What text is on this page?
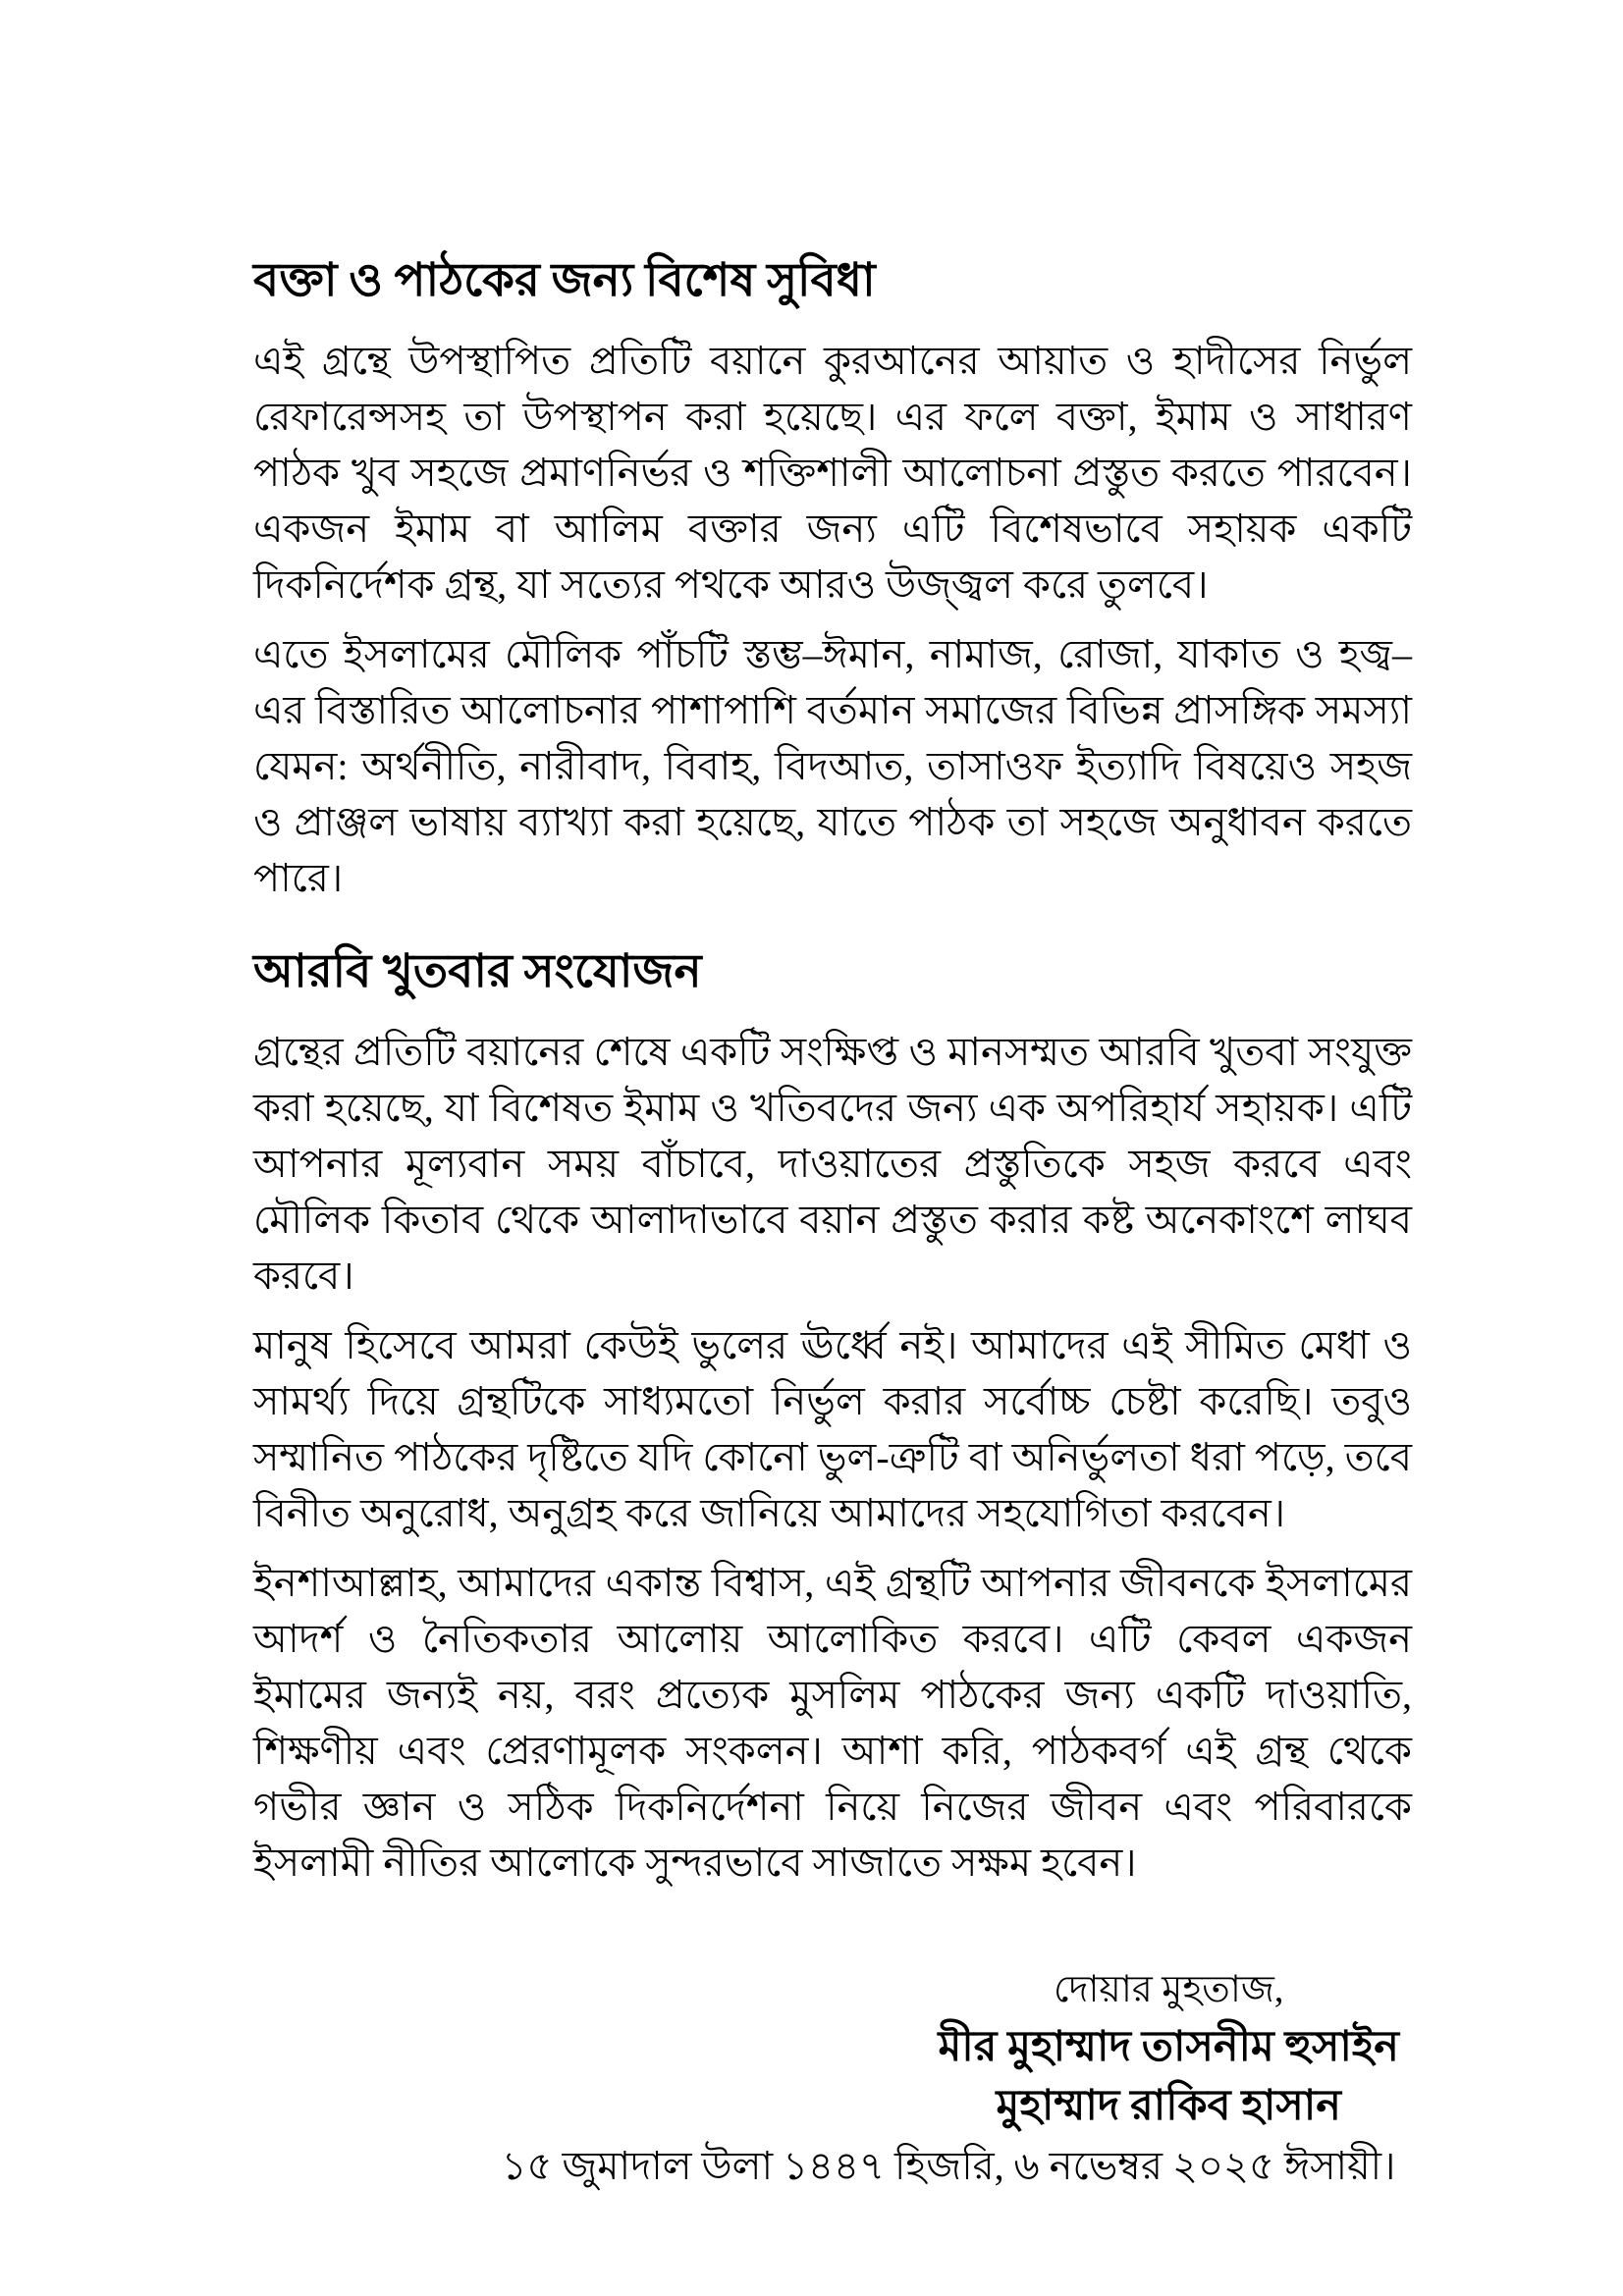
বক্তা ও পাঠকের জন্য বিশেষ সুবিধা

এই গ্রন্থে উপস্থাপিত প্রতিটি বয়ানে কুরআনের আয়াত ও হাদীসের নির্ভুল রেফারেন্সসহ তা উপস্থাপন করা হয়েছে। এর ফলে বক্তা, ইমাম ও সাধারণ পাঠক খুব সহজে প্রমাণনির্ভর ও শক্তিশালী আলোচনা প্রস্তুত করতে পারবেন। একজন ইমাম বা আলিম বক্তার জন্য এটি বিশেষভাবে সহায়ক একটি দিকনির্দেশক গ্রন্থ, যা সত্যের পথকে আরও উজ্জ্বল করে তুলবে।

এতে ইসলামের মৌলিক পাঁচটি স্তম্ভ–ঈমান, নামাজ, রোজা, যাকাত ও হজ্ব–এর বিস্তারিত আলোচনার পাশাপাশি বর্তমান সমাজের বিভিন্ন প্রাসঙ্গিক সমস্যা যেমন: অর্থনীতি, নারীবাদ, বিবাহ, বিদআত, তাসাওফ ইত্যাদি বিষয়েও সহজ ও প্রাঞ্জল ভাষায় ব্যাখ্যা করা হয়েছে, যাতে পাঠক তা সহজে অনুধাবন করতে পারে।

আরবি খুতবার সংযোজন

গ্রন্থের প্রতিটি বয়ানের শেষে একটি সংক্ষিপ্ত ও মানসম্মত আরবি খুতবা সংযুক্ত করা হয়েছে, যা বিশেষত ইমাম ও খতিবদের জন্য এক অপরিহার্য সহায়ক। এটি আপনার মূল্যবান সময় বাঁচাবে, দাওয়াতের প্রস্তুতিকে সহজ করবে এবং মৌলিক কিতাব থেকে আলাদাভাবে বয়ান প্রস্তুত করার কষ্ট অনেকাংশে লাঘব করবে।

মানুষ হিসেবে আমরা কেউই ভুলের ঊর্ধ্বে নই। আমাদের এই সীমিত মেধা ও সামর্থ্য দিয়ে গ্রন্থটিকে সাধ্যমতো নির্ভুল করার সর্বোচ্চ চেষ্টা করেছি। তবুও সম্মানিত পাঠকের দৃষ্টিতে যদি কোনো ভুল-ত্রুটি বা অনির্ভুলতা ধরা পড়ে, তবে বিনীত অনুরোধ, অনুগ্রহ করে জানিয়ে আমাদের সহযোগিতা করবেন।

ইনশাআল্লাহ, আমাদের একান্ত বিশ্বাস, এই গ্রন্থটি আপনার জীবনকে ইসলামের আদর্শ ও নৈতিকতার আলোয় আলোকিত করবে। এটি কেবল একজন ইমামের জন্যই নয়, বরং প্রত্যেক মুসলিম পাঠকের জন্য একটি দাওয়াতি, শিক্ষণীয় এবং প্রেরণামূলক সংকলন। আশা করি, পাঠকবর্গ এই গ্রন্থ থেকে গভীর জ্ঞান ও সঠিক দিকনির্দেশনা নিয়ে নিজের জীবন এবং পরিবারকে ইসলামী নীতির আলোকে সুন্দরভাবে সাজাতে সক্ষম হবেন।

দোয়ার মুহতাজ,
মীর মুহাম্মাদ তাসনীম হুসাইন
মুহাম্মাদ রাকিব হাসান
১৫ জুমাদাল উলা ১৪৪৭ হিজরি, ৬ নভেম্বর ২০২৫ ঈসায়ী।
